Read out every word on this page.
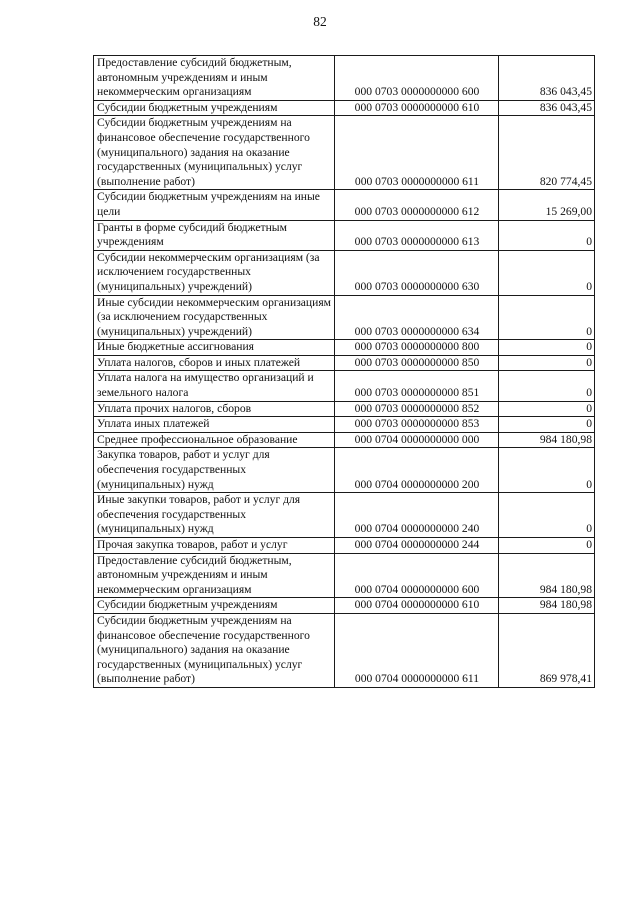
82
Предоставление субсидий бюджетным, автономным учреждениям и иным некоммерческим организациям	000 0703 0000000000 600	836 043,45
Субсидии бюджетным учреждениям	000 0703 0000000000 610	836 043,45
Субсидии бюджетным учреждениям на финансовое обеспечение государственного (муниципального) задания на оказание государственных (муниципальных) услуг (выполнение работ)	000 0703 0000000000 611	820 774,45
Субсидии бюджетным учреждениям на иные цели	000 0703 0000000000 612	15 269,00
Гранты в форме субсидий бюджетным учреждениям	000 0703 0000000000 613	0
Субсидии некоммерческим организациям (за исключением государственных (муниципальных) учреждений)	000 0703 0000000000 630	0
Иные субсидии некоммерческим организациям (за исключением государственных (муниципальных) учреждений)	000 0703 0000000000 634	0
Иные бюджетные ассигнования	000 0703 0000000000 800	0
Уплата налогов, сборов и иных платежей	000 0703 0000000000 850	0
Уплата налога на имущество организаций и земельного налога	000 0703 0000000000 851	0
Уплата прочих налогов, сборов	000 0703 0000000000 852	0
Уплата иных платежей	000 0703 0000000000 853	0
Среднее профессиональное образование	000 0704 0000000000 000	984 180,98
Закупка товаров, работ и услуг для обеспечения государственных (муниципальных) нужд	000 0704 0000000000 200	0
Иные закупки товаров, работ и услуг для обеспечения государственных (муниципальных) нужд	000 0704 0000000000 240	0
Прочая закупка товаров, работ и услуг	000 0704 0000000000 244	0
Предоставление субсидий бюджетным, автономным учреждениям и иным некоммерческим организациям	000 0704 0000000000 600	984 180,98
Субсидии бюджетным учреждениям	000 0704 0000000000 610	984 180,98
Субсидии бюджетным учреждениям на финансовое обеспечение государственного (муниципального) задания на оказание государственных (муниципальных) услуг (выполнение работ)	000 0704 0000000000 611	869 978,41
